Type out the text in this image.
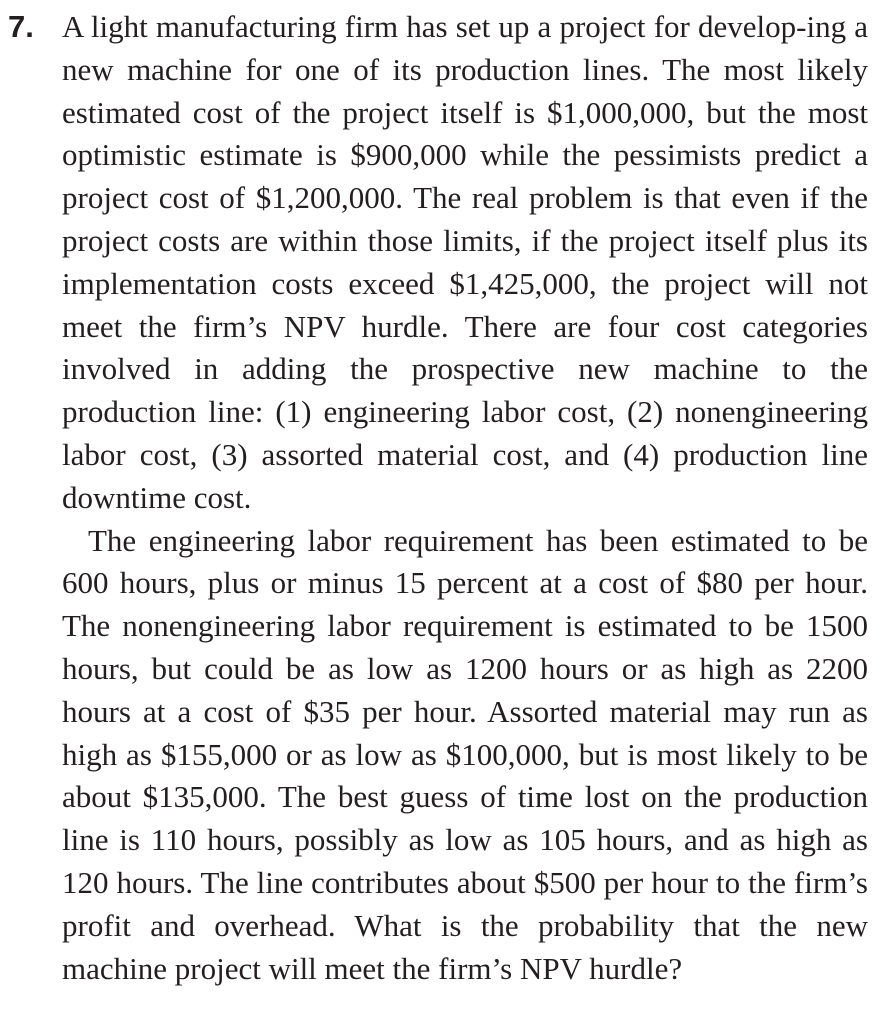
7. A light manufacturing firm has set up a project for develop-ing a new machine for one of its production lines. The most likely estimated cost of the project itself is $1,000,000, but the most optimistic estimate is $900,000 while the pessimists predict a project cost of $1,200,000. The real problem is that even if the project costs are within those limits, if the project itself plus its implementation costs exceed $1,425,000, the project will not meet the firm’s NPV hurdle. There are four cost categories involved in adding the prospective new machine to the production line: (1) engineering labor cost, (2) nonengineering labor cost, (3) assorted material cost, and (4) production line downtime cost.

The engineering labor requirement has been estimated to be 600 hours, plus or minus 15 percent at a cost of $80 per hour. The nonengineering labor requirement is estimated to be 1500 hours, but could be as low as 1200 hours or as high as 2200 hours at a cost of $35 per hour. Assorted material may run as high as $155,000 or as low as $100,000, but is most likely to be about $135,000. The best guess of time lost on the production line is 110 hours, possibly as low as 105 hours, and as high as 120 hours. The line contributes about $500 per hour to the firm’s profit and overhead. What is the probability that the new machine project will meet the firm’s NPV hurdle?
